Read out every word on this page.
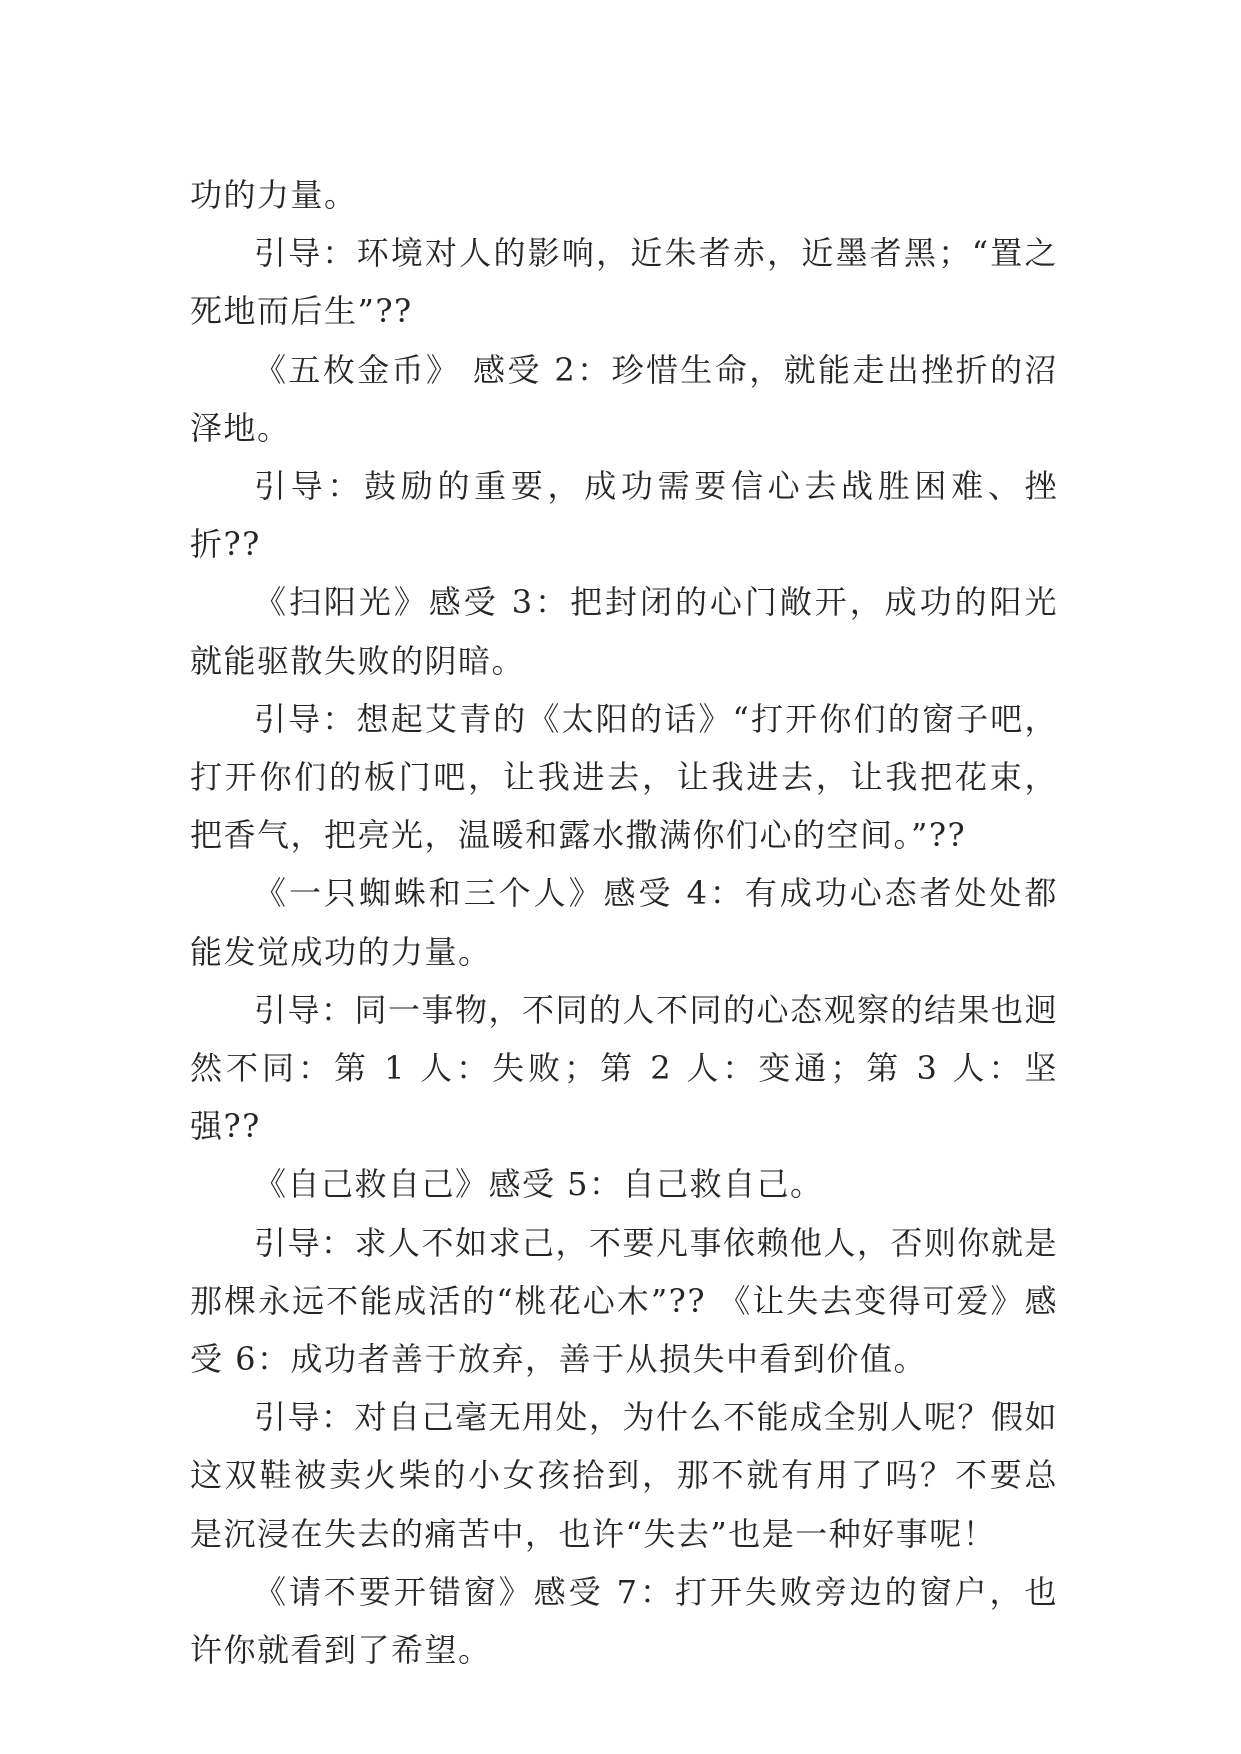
功的力量。

引导：环境对人的影响，近朱者赤，近墨者黑；“置之死地而后生”??

《五枚金币》 感受 2：珍惜生命，就能走出挫折的沼泽地。

引导：鼓励的重要，成功需要信心去战胜困难、挫折??

《扫阳光》感受 3：把封闭的心门敞开，成功的阳光就能驱散失败的阴暗。

引导：想起艾青的《太阳的话》“打开你们的窗子吧，打开你们的板门吧，让我进去，让我进去，让我把花束，把香气，把亮光，温暖和露水撒满你们心的空间。”??

《一只蜘蛛和三个人》感受 4：有成功心态者处处都能发觉成功的力量。

引导：同一事物，不同的人不同的心态观察的结果也迥然不同：第 1 人：失败；第 2 人：变通；第 3 人：坚强??

《自己救自己》感受 5：自己救自己。

引导：求人不如求己，不要凡事依赖他人，否则你就是那棵永远不能成活的“桃花心木”?? 《让失去变得可爱》感受 6：成功者善于放弃，善于从损失中看到价值。

引导：对自己毫无用处，为什么不能成全别人呢？假如这双鞋被卖火柴的小女孩拾到，那不就有用了吗？不要总是沉浸在失去的痛苦中，也许“失去”也是一种好事呢！

《请不要开错窗》感受 7：打开失败旁边的窗户，也许你就看到了希望。
